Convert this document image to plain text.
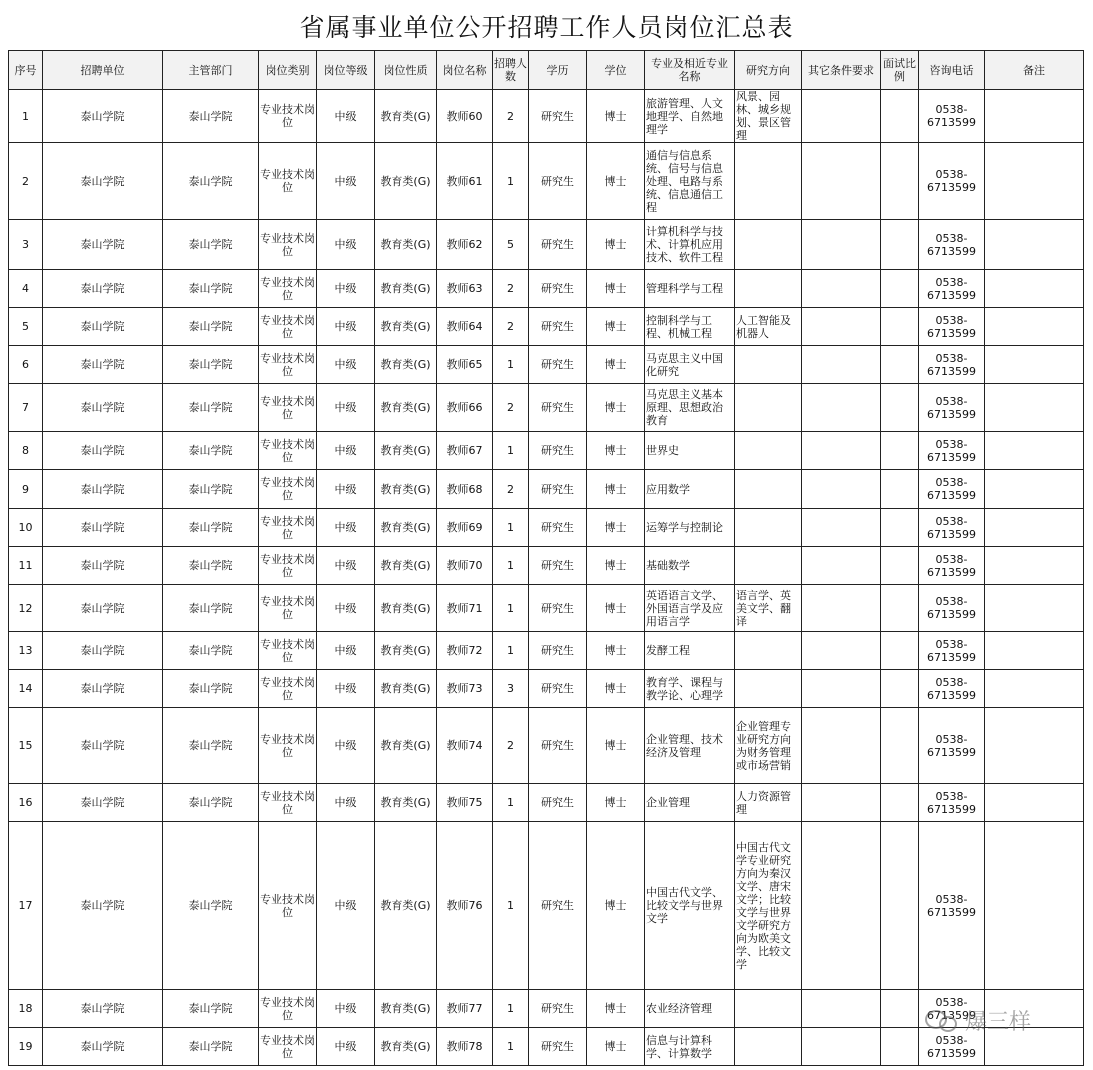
省属事业单位公开招聘工作人员岗位汇总表
序号	招聘单位	主管部门	岗位类别	岗位等级	岗位性质	岗位名称	招聘人数	学历	学位	专业及相近专业名称	研究方向	其它条件要求	面试比例	咨询电话	备注
1	泰山学院	泰山学院	专业技术岗位	中级	教育类(G)	教师60	2	研究生	博士	旅游管理、人文地理学、自然地理学	风景、园林、城乡规划、景区管理			0538-6713599	
2	泰山学院	泰山学院	专业技术岗位	中级	教育类(G)	教师61	1	研究生	博士	通信与信息系统、信号与信息处理、电路与系统、信息通信工程				0538-6713599	
3	泰山学院	泰山学院	专业技术岗位	中级	教育类(G)	教师62	5	研究生	博士	计算机科学与技术、计算机应用技术、软件工程				0538-6713599	
4	泰山学院	泰山学院	专业技术岗位	中级	教育类(G)	教师63	2	研究生	博士	管理科学与工程				0538-6713599	
5	泰山学院	泰山学院	专业技术岗位	中级	教育类(G)	教师64	2	研究生	博士	控制科学与工程、机械工程	人工智能及机器人			0538-6713599	
6	泰山学院	泰山学院	专业技术岗位	中级	教育类(G)	教师65	1	研究生	博士	马克思主义中国化研究				0538-6713599	
7	泰山学院	泰山学院	专业技术岗位	中级	教育类(G)	教师66	2	研究生	博士	马克思主义基本原理、思想政治教育				0538-6713599	
8	泰山学院	泰山学院	专业技术岗位	中级	教育类(G)	教师67	1	研究生	博士	世界史				0538-6713599	
9	泰山学院	泰山学院	专业技术岗位	中级	教育类(G)	教师68	2	研究生	博士	应用数学				0538-6713599	
10	泰山学院	泰山学院	专业技术岗位	中级	教育类(G)	教师69	1	研究生	博士	运筹学与控制论				0538-6713599	
11	泰山学院	泰山学院	专业技术岗位	中级	教育类(G)	教师70	1	研究生	博士	基础数学				0538-6713599	
12	泰山学院	泰山学院	专业技术岗位	中级	教育类(G)	教师71	1	研究生	博士	英语语言文学、外国语言学及应用语言学	语言学、英美文学、翻译			0538-6713599	
13	泰山学院	泰山学院	专业技术岗位	中级	教育类(G)	教师72	1	研究生	博士	发酵工程				0538-6713599	
14	泰山学院	泰山学院	专业技术岗位	中级	教育类(G)	教师73	3	研究生	博士	教育学、课程与教学论、心理学				0538-6713599	
15	泰山学院	泰山学院	专业技术岗位	中级	教育类(G)	教师74	2	研究生	博士	企业管理、技术经济及管理	企业管理专业研究方向为财务管理或市场营销			0538-6713599	
16	泰山学院	泰山学院	专业技术岗位	中级	教育类(G)	教师75	1	研究生	博士	企业管理	人力资源管理			0538-6713599	
17	泰山学院	泰山学院	专业技术岗位	中级	教育类(G)	教师76	1	研究生	博士	中国古代文学、比较文学与世界文学	中国古代文学专业研究方向为秦汉文学、唐宋文学；比较文学与世界文学研究方向为欧美文学、比较文学			0538-6713599	
18	泰山学院	泰山学院	专业技术岗位	中级	教育类(G)	教师77	1	研究生	博士	农业经济管理				0538-6713599	
19	泰山学院	泰山学院	专业技术岗位	中级	教育类(G)	教师78	1	研究生	博士	信息与计算科学、计算数学				0538-6713599	
爆三样
